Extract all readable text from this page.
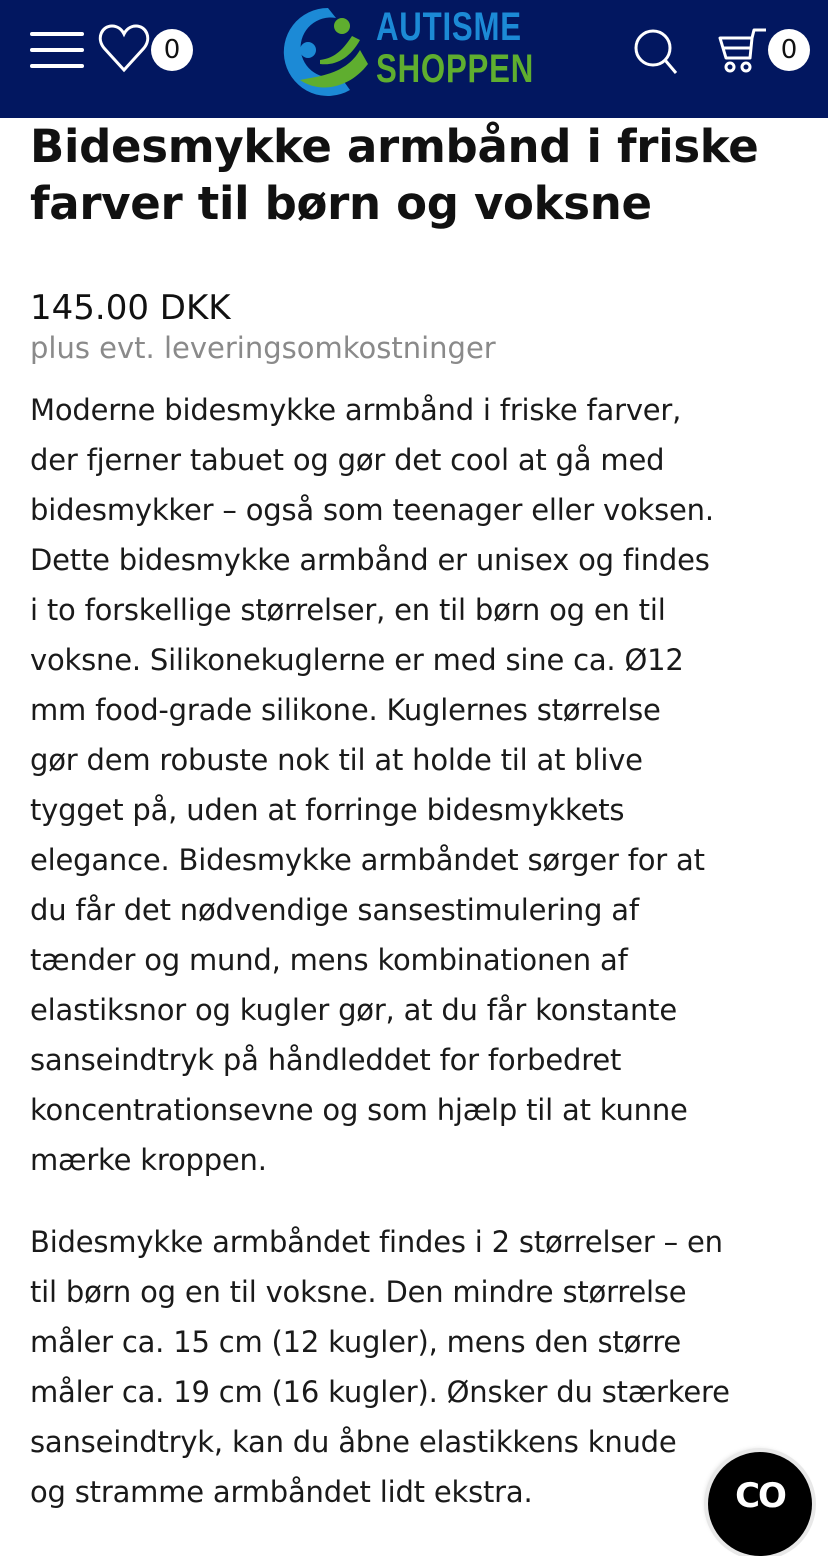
0
AUTISME
SHOPPEN	0
Bidesmykke armbånd i friske farver til børn og voksne
145.00 DKK
plus evt. leveringsomkostninger
Moderne bidesmykke armbånd i friske farver,
der fjerner tabuet og gør det cool at gå med
bidesmykker – også som teenager eller voksen.
Dette bidesmykke armbånd er unisex og findes
i to forskellige størrelser, en til børn og en til
voksne. Silikonekuglerne er med sine ca. Ø12
mm food-grade silikone. Kuglernes størrelse
gør dem robuste nok til at holde til at blive
tygget på, uden at forringe bidesmykkets
elegance. Bidesmykke armbåndet sørger for at
du får det nødvendige sansestimulering af
tænder og mund, mens kombinationen af
elastiksnor og kugler gør, at du får konstante
sanseindtryk på håndleddet for forbedret
koncentrationsevne og som hjælp til at kunne
mærke kroppen.
Bidesmykke armbåndet findes i 2 størrelser – en
til børn og en til voksne. Den mindre størrelse
måler ca. 15 cm (12 kugler), mens den større
måler ca. 19 cm (16 kugler). Ønsker du stærkere
sanseindtryk, kan du åbne elastikkens knude
og stramme armbåndet lidt ekstra.	CO
